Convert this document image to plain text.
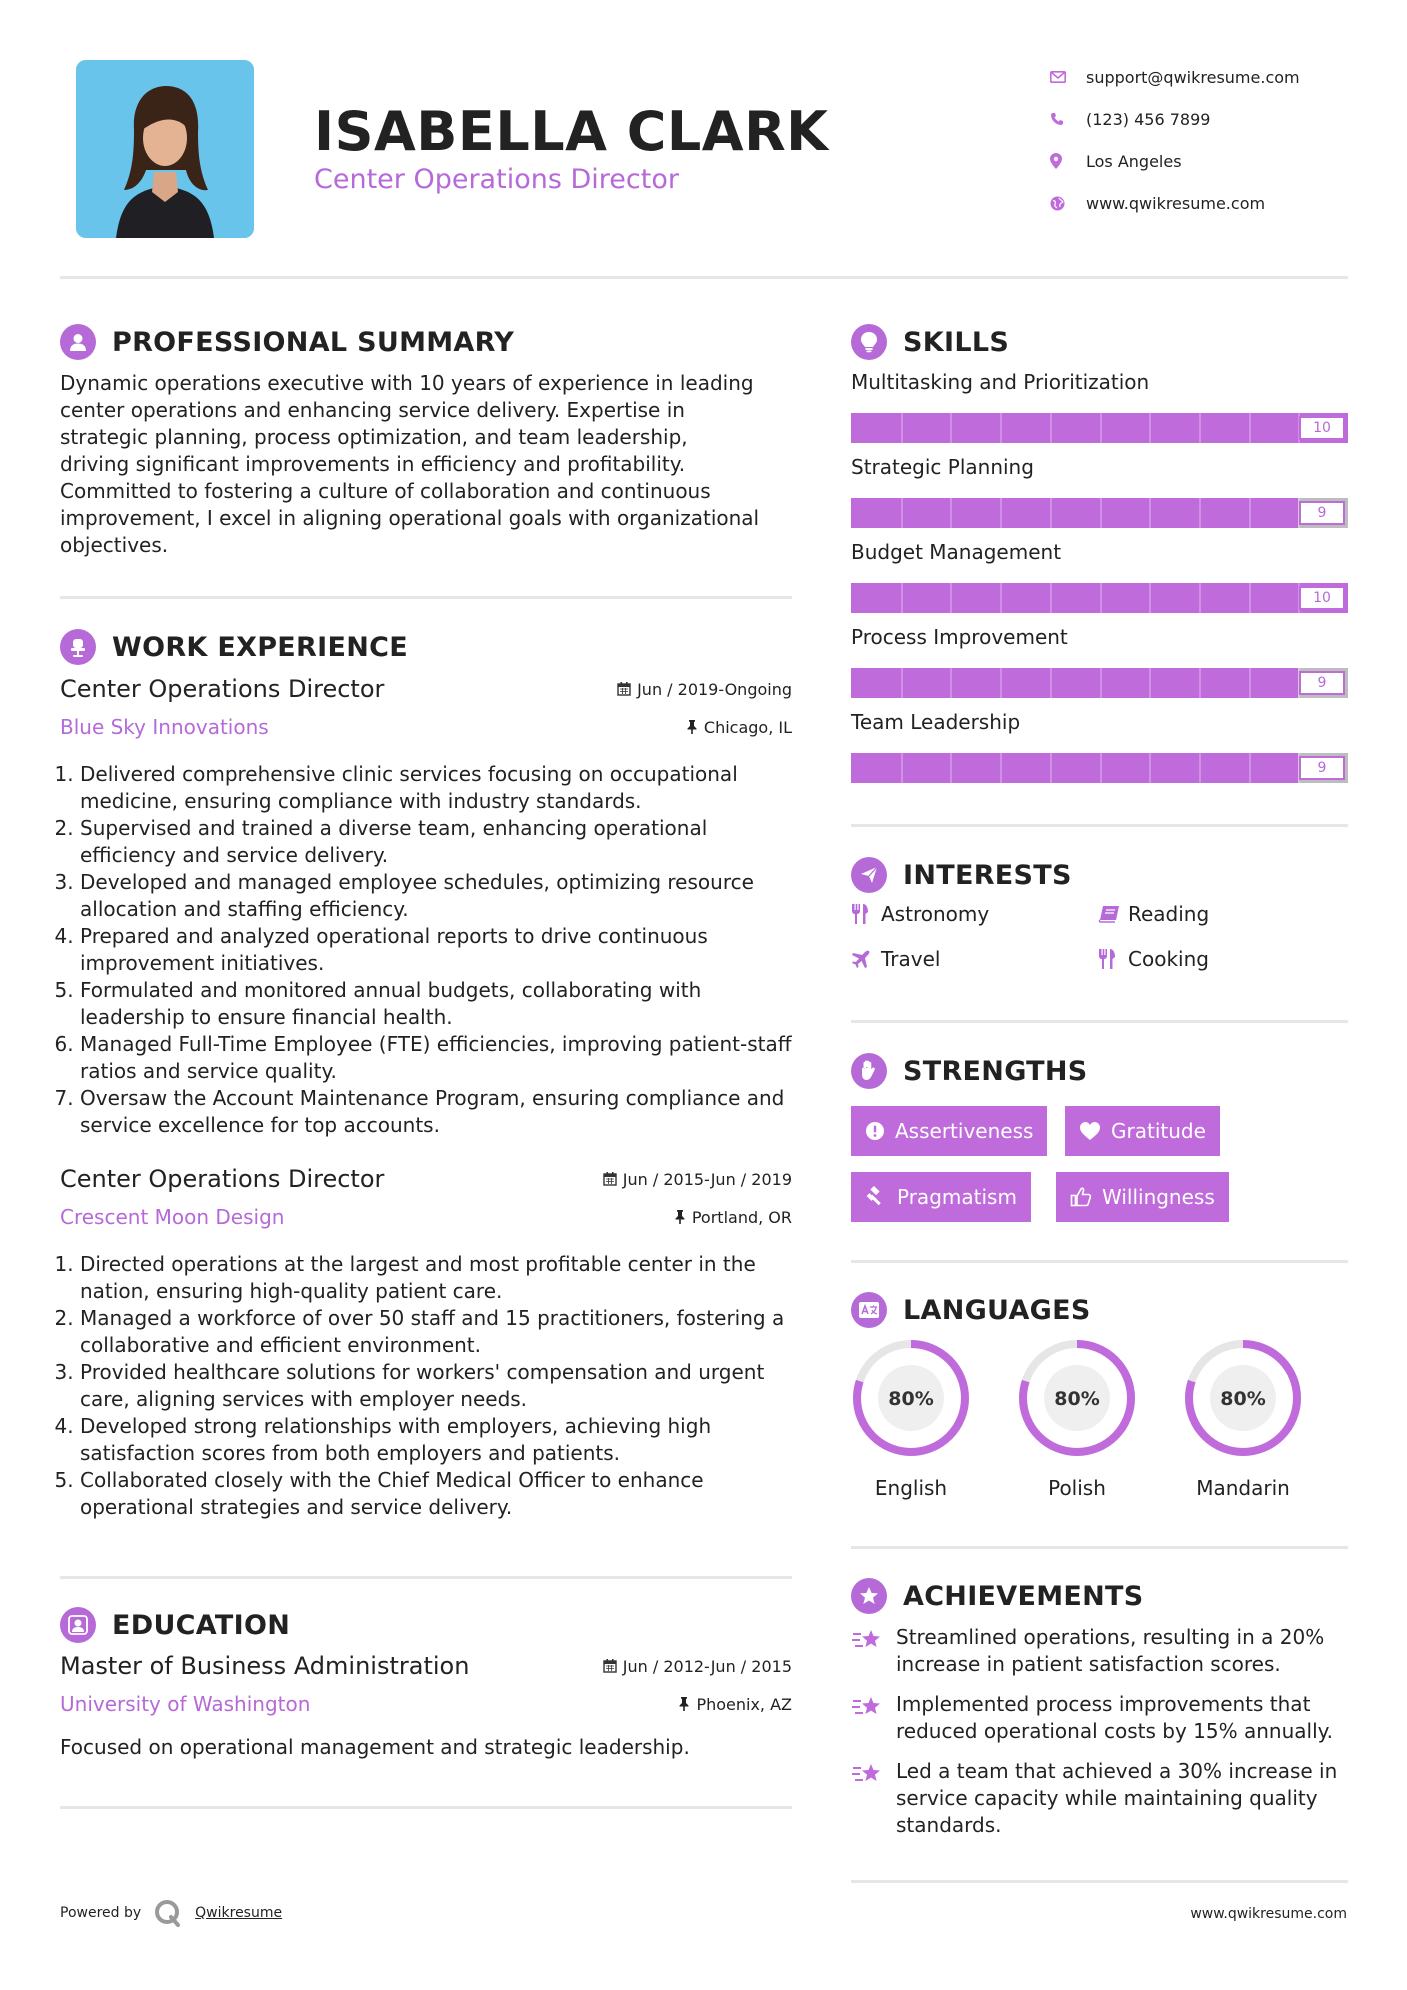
ISABELLA CLARK
Center Operations Director
support@qwikresume.com
(123) 456 7899
Los Angeles
www.qwikresume.com
PROFESSIONAL SUMMARY
Dynamic operations executive with 10 years of experience in leading
center operations and enhancing service delivery. Expertise in
strategic planning, process optimization, and team leadership,
driving significant improvements in efficiency and profitability.
Committed to fostering a culture of collaboration and continuous
improvement, I excel in aligning operational goals with organizational
objectives.
WORK EXPERIENCE
Center Operations Director	Jun / 2019-Ongoing
Blue Sky Innovations	Chicago, IL
1. Delivered comprehensive clinic services focusing on occupational medicine, ensuring compliance with industry standards.
2. Supervised and trained a diverse team, enhancing operational efficiency and service delivery.
3. Developed and managed employee schedules, optimizing resource allocation and staffing efficiency.
4. Prepared and analyzed operational reports to drive continuous improvement initiatives.
5. Formulated and monitored annual budgets, collaborating with leadership to ensure financial health.
6. Managed Full-Time Employee (FTE) efficiencies, improving patient-staff ratios and service quality.
7. Oversaw the Account Maintenance Program, ensuring compliance and service excellence for top accounts.
Center Operations Director	Jun / 2015-Jun / 2019
Crescent Moon Design	Portland, OR
1. Directed operations at the largest and most profitable center in the nation, ensuring high-quality patient care.
2. Managed a workforce of over 50 staff and 15 practitioners, fostering a collaborative and efficient environment.
3. Provided healthcare solutions for workers' compensation and urgent care, aligning services with employer needs.
4. Developed strong relationships with employers, achieving high satisfaction scores from both employers and patients.
5. Collaborated closely with the Chief Medical Officer to enhance operational strategies and service delivery.
EDUCATION
Master of Business Administration	Jun / 2012-Jun / 2015
University of Washington	Phoenix, AZ
Focused on operational management and strategic leadership.
SKILLS
Multitasking and Prioritization
10
Strategic Planning
9
Budget Management
10
Process Improvement
9
Team Leadership
9
INTERESTS
Astronomy	Reading
Travel	Cooking
STRENGTHS
Assertiveness	Gratitude
Pragmatism	Willingness
LANGUAGES
80%
English
80%
Polish
80%
Mandarin
ACHIEVEMENTS
Streamlined operations, resulting in a 20%
increase in patient satisfaction scores.
Implemented process improvements that
reduced operational costs by 15% annually.
Led a team that achieved a 30% increase in
service capacity while maintaining quality
standards.
Powered by	Qwikresume	www.qwikresume.com
